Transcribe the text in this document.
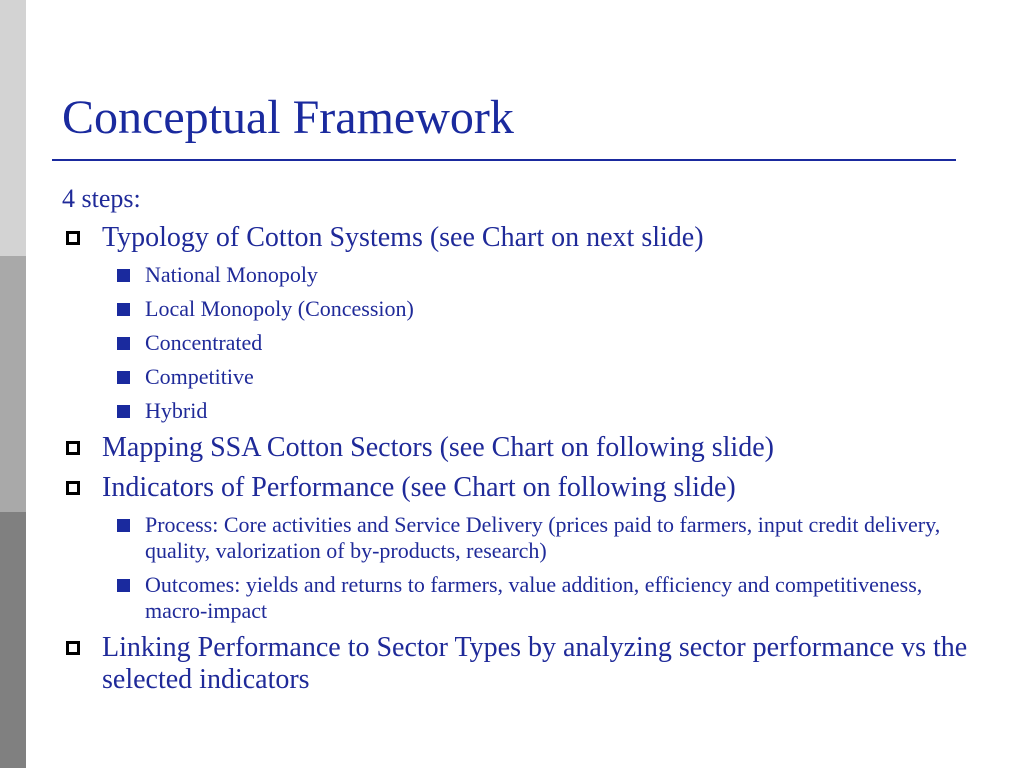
Conceptual Framework
4 steps:
Typology of Cotton Systems (see Chart on next slide)
National Monopoly
Local Monopoly (Concession)
Concentrated
Competitive
Hybrid
Mapping SSA Cotton Sectors (see Chart on following slide)
Indicators of Performance (see Chart on following slide)
Process: Core activities and Service Delivery (prices paid to farmers, input credit delivery, quality, valorization of by-products, research)
Outcomes: yields and returns to farmers, value addition, efficiency and competitiveness, macro-impact
Linking Performance to Sector Types by analyzing sector performance vs the selected indicators
